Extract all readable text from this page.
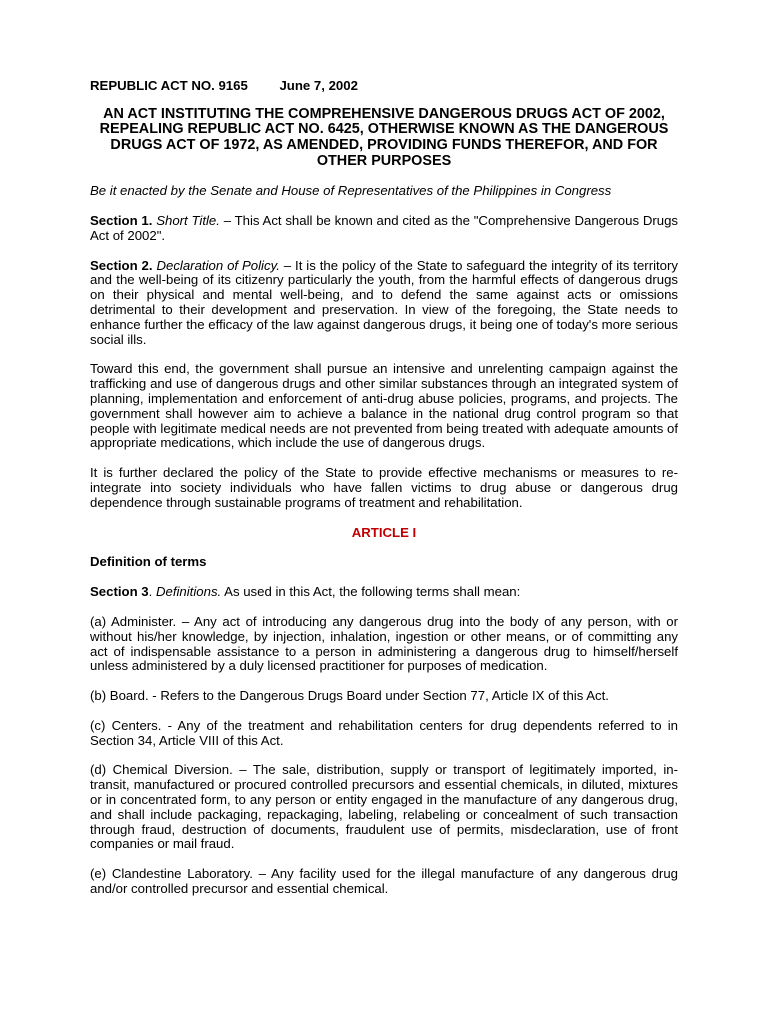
REPUBLIC ACT NO. 9165 June 7, 2002
AN ACT INSTITUTING THE COMPREHENSIVE DANGEROUS DRUGS ACT OF 2002, REPEALING REPUBLIC ACT NO. 6425, OTHERWISE KNOWN AS THE DANGEROUS DRUGS ACT OF 1972, AS AMENDED, PROVIDING FUNDS THEREFOR, AND FOR OTHER PURPOSES
Be it enacted by the Senate and House of Representatives of the Philippines in Congress

Section 1. Short Title. – This Act shall be known and cited as the "Comprehensive Dangerous Drugs Act of 2002".

Section 2. Declaration of Policy. – It is the policy of the State to safeguard the integrity of its territory and the well-being of its citizenry particularly the youth, from the harmful effects of dangerous drugs on their physical and mental well-being, and to defend the same against acts or omissions detrimental to their development and preservation. In view of the foregoing, the State needs to enhance further the efficacy of the law against dangerous drugs, it being one of today's more serious social ills.

Toward this end, the government shall pursue an intensive and unrelenting campaign against the trafficking and use of dangerous drugs and other similar substances through an integrated system of planning, implementation and enforcement of anti-drug abuse policies, programs, and projects. The government shall however aim to achieve a balance in the national drug control program so that people with legitimate medical needs are not prevented from being treated with adequate amounts of appropriate medications, which include the use of dangerous drugs.

It is further declared the policy of the State to provide effective mechanisms or measures to re-integrate into society individuals who have fallen victims to drug abuse or dangerous drug dependence through sustainable programs of treatment and rehabilitation.

ARTICLE I
Definition of terms

Section 3. Definitions. As used in this Act, the following terms shall mean:

(a) Administer. – Any act of introducing any dangerous drug into the body of any person, with or without his/her knowledge, by injection, inhalation, ingestion or other means, or of committing any act of indispensable assistance to a person in administering a dangerous drug to himself/herself unless administered by a duly licensed practitioner for purposes of medication.

(b) Board. - Refers to the Dangerous Drugs Board under Section 77, Article IX of this Act.

(c) Centers. - Any of the treatment and rehabilitation centers for drug dependents referred to in Section 34, Article VIII of this Act.

(d) Chemical Diversion. – The sale, distribution, supply or transport of legitimately imported, in-transit, manufactured or procured controlled precursors and essential chemicals, in diluted, mixtures or in concentrated form, to any person or entity engaged in the manufacture of any dangerous drug, and shall include packaging, repackaging, labeling, relabeling or concealment of such transaction through fraud, destruction of documents, fraudulent use of permits, misdeclaration, use of front companies or mail fraud.

(e) Clandestine Laboratory. – Any facility used for the illegal manufacture of any dangerous drug and/or controlled precursor and essential chemical.
